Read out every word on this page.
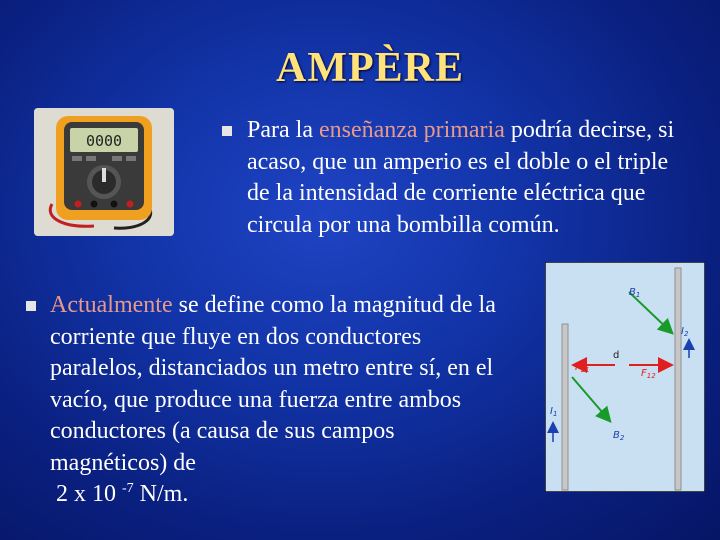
AMPÈRE
0000	Para la enseñanza primaria podría decirse, si acaso, que un amperio es el doble o el triple de la intensidad de corriente eléctrica que circula por una bombilla común.

Actualmente se define como la magnitud de la corriente que fluye en dos conductores paralelos, distanciados un metro entre sí, en el vacío, que produce una fuerza entre ambos conductores (a causa de sus campos magnéticos) de
2 x 10 $^{-7}$ N/m.

$B_1$
$B_2$
$I_1$
$I_2$
$F_{21}$	$F_{12}$
d
